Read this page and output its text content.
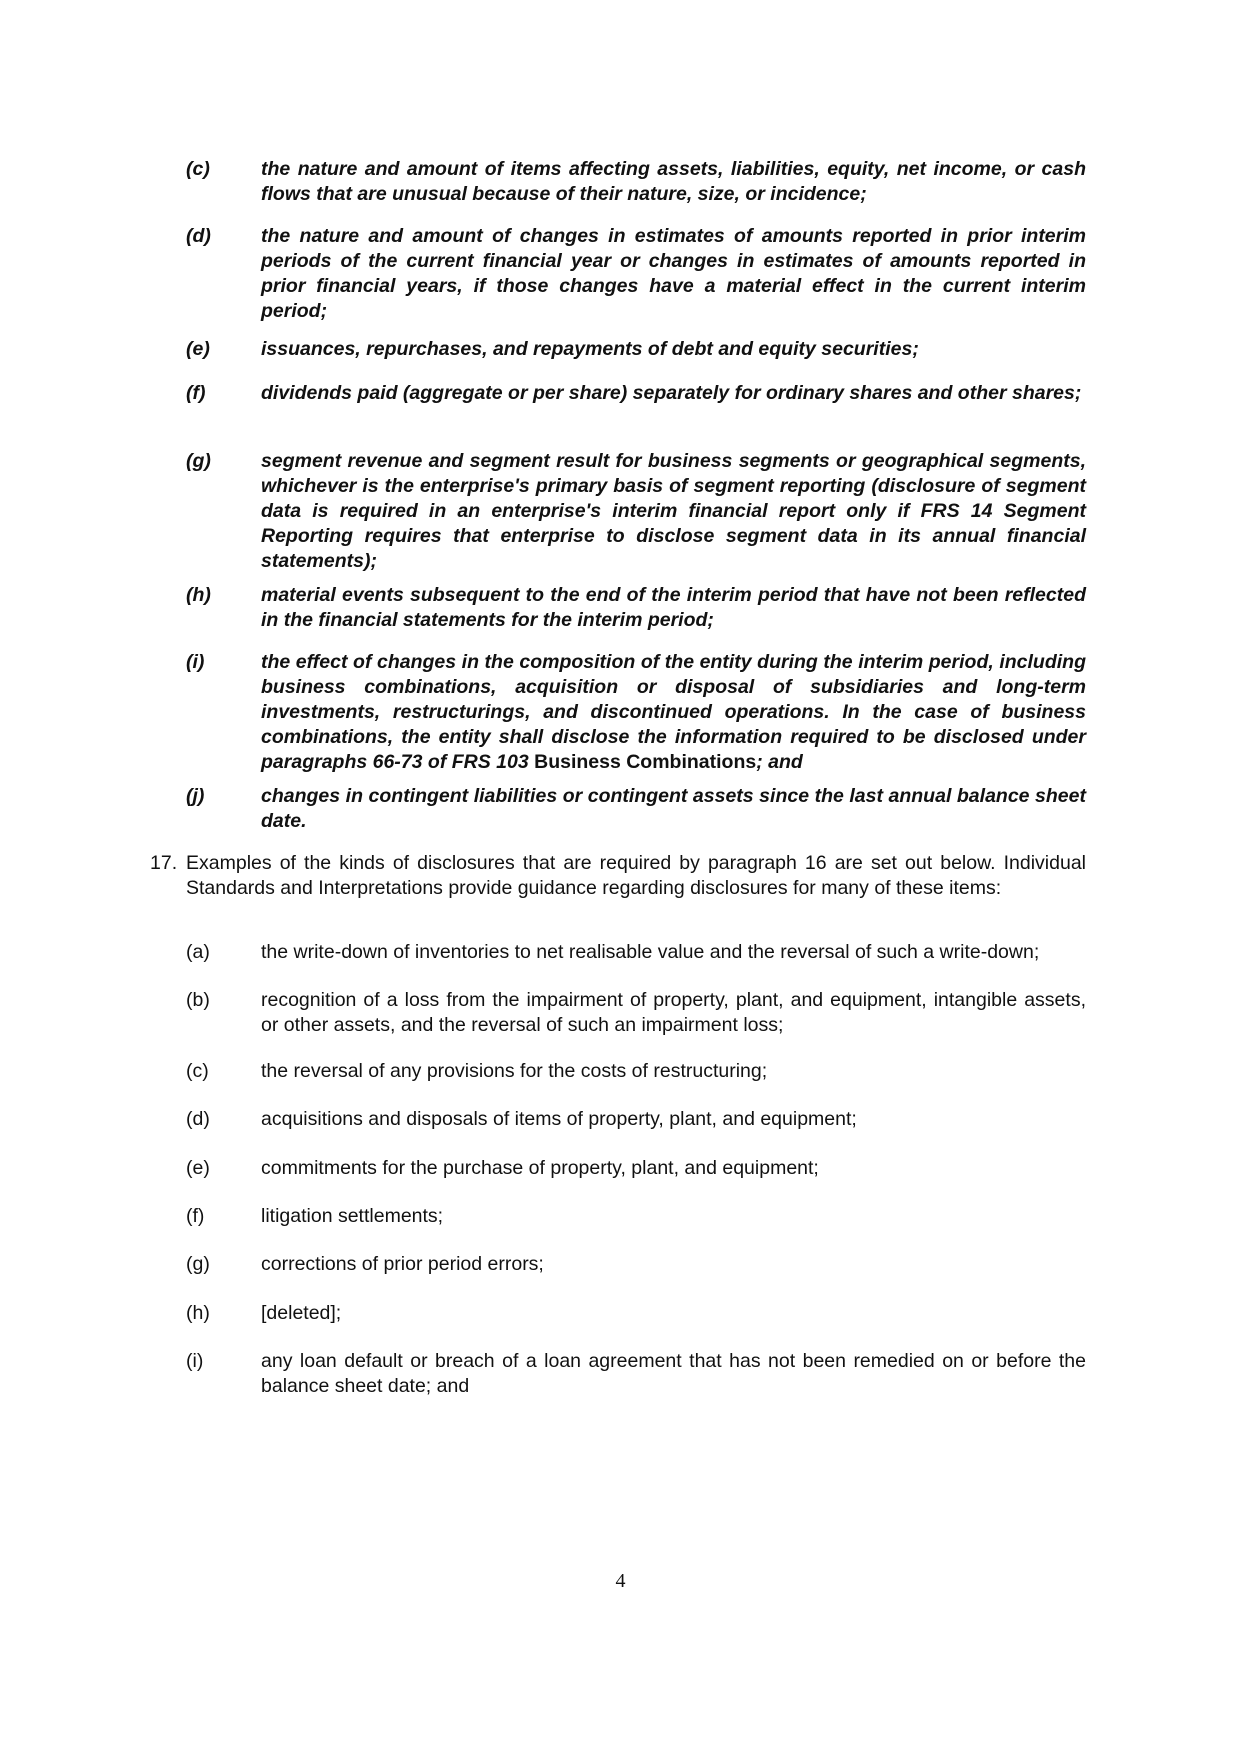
(c)	the nature and amount of items affecting assets, liabilities, equity, net income, or cash flows that are unusual because of their nature, size, or incidence;
(d)	the nature and amount of changes in estimates of amounts reported in prior interim periods of the current financial year or changes in estimates of amounts reported in prior financial years, if those changes have a material effect in the current interim period;
(e)	issuances, repurchases, and repayments of debt and equity securities;
(f)	dividends paid (aggregate or per share) separately for ordinary shares and other shares;
(g)	segment revenue and segment result for business segments or geographical segments, whichever is the enterprise's primary basis of segment reporting (disclosure of segment data is required in an enterprise's interim financial report only if FRS 14 Segment Reporting requires that enterprise to disclose segment data in its annual financial statements);
(h)	material events subsequent to the end of the interim period that have not been reflected in the financial statements for the interim period;
(i)	the effect of changes in the composition of the entity during the interim period, including business combinations, acquisition or disposal of subsidiaries and long-term investments, restructurings, and discontinued operations. In the case of business combinations, the entity shall disclose the information required to be disclosed under paragraphs 66-73 of FRS 103 Business Combinations; and
(j)	changes in contingent liabilities or contingent assets since the last annual balance sheet date.
17. Examples of the kinds of disclosures that are required by paragraph 16 are set out below. Individual Standards and Interpretations provide guidance regarding disclosures for many of these items:
(a)	the write-down of inventories to net realisable value and the reversal of such a write-down;
(b)	recognition of a loss from the impairment of property, plant, and equipment, intangible assets, or other assets, and the reversal of such an impairment loss;
(c)	the reversal of any provisions for the costs of restructuring;
(d)	acquisitions and disposals of items of property, plant, and equipment;
(e)	commitments for the purchase of property, plant, and equipment;
(f)	litigation settlements;
(g)	corrections of prior period errors;
(h)	[deleted];
(i)	any loan default or breach of a loan agreement that has not been remedied on or before the balance sheet date; and
4
